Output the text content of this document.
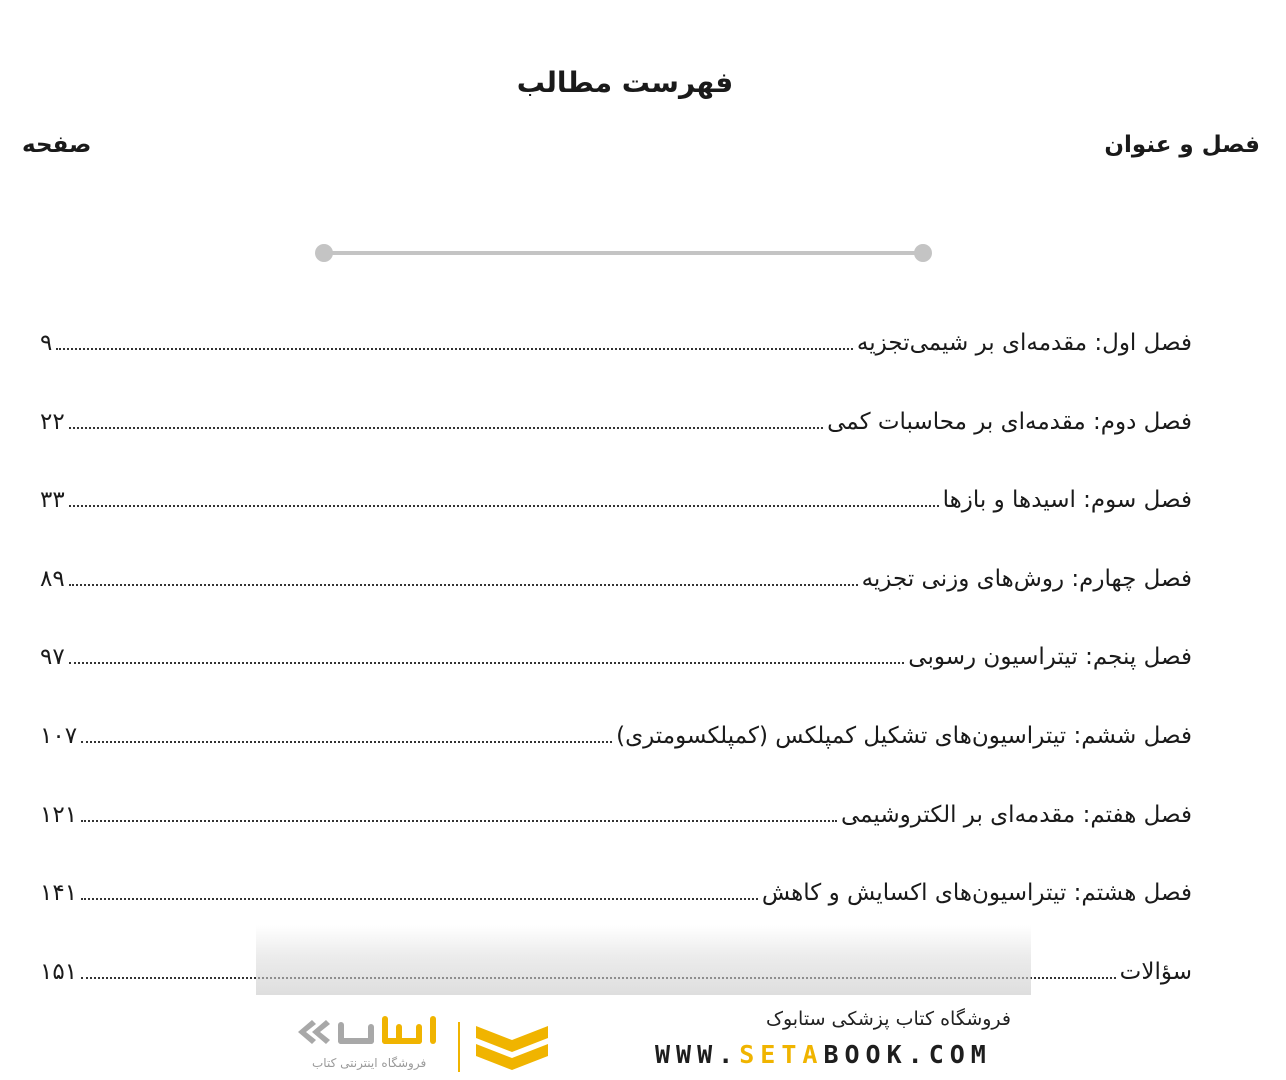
فهرست مطالب
فصل و عنوان
صفحه
فصل اول: مقدمه‌ای بر شیمی‌تجزیه
۹
فصل دوم: مقدمه‌ای بر محاسبات کمی
۲۲
فصل سوم: اسیدها و بازها
۳۳
فصل چهارم: روش‌های وزنی تجزیه
۸۹
فصل پنجم: تیتراسیون رسوبی
۹۷
فصل ششم: تیتراسیون‌های تشکیل کمپلکس (کمپلکسومتری)
۱۰۷
فصل هفتم: مقدمه‌ای بر الکتروشیمی
۱۲۱
فصل هشتم: تیتراسیون‌های اکسایش و کاهش
۱۴۱
سؤالات
۱۵۱
فروشگاه کتاب پزشکی ستابوک
WWW.SETABOOK.COM
فروشگاه اینترنتی کتاب
